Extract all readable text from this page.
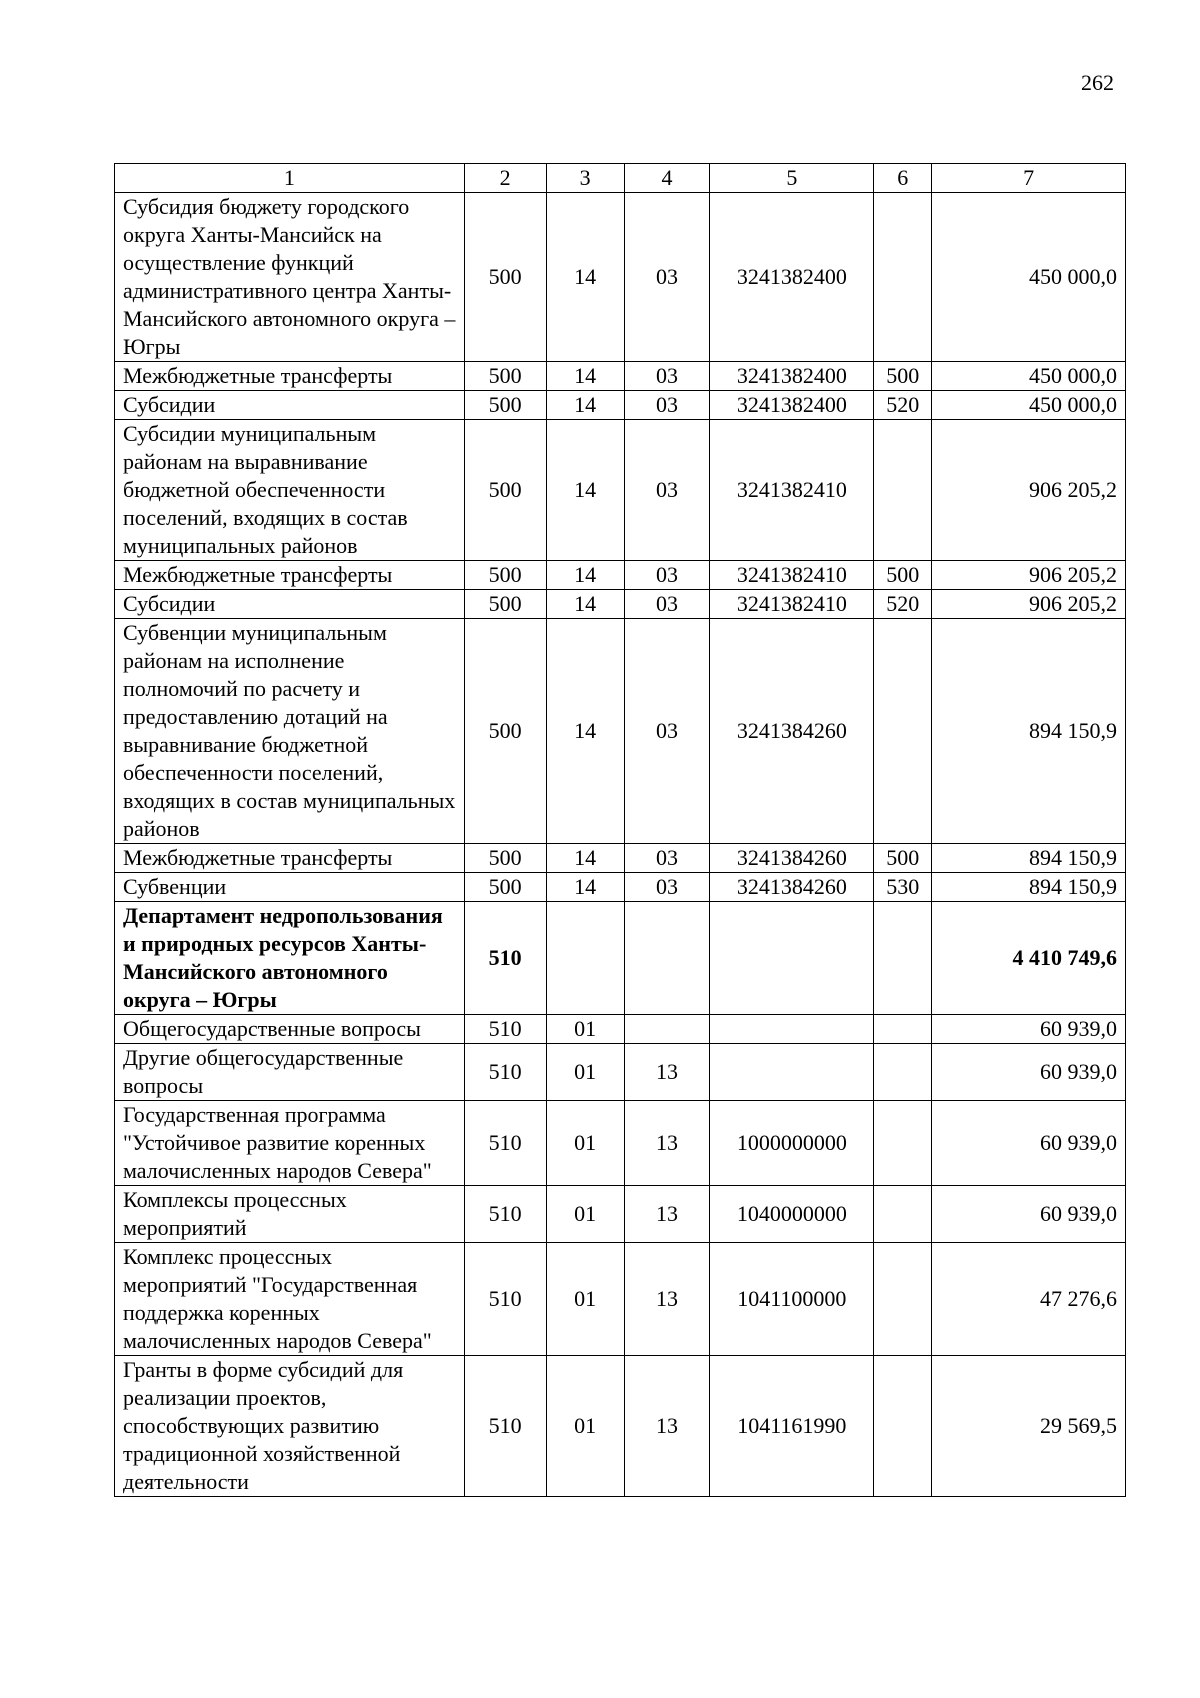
262
1	2	3	4	5	6	7
Субсидия бюджету городского округа Ханты-Мансийск на осуществление функций административного центра Ханты-Мансийского автономного округа – Югры	500	14	03	3241382400		450 000,0
Межбюджетные трансферты	500	14	03	3241382400	500	450 000,0
Субсидии	500	14	03	3241382400	520	450 000,0
Субсидии муниципальным районам на выравнивание бюджетной обеспеченности поселений, входящих в состав муниципальных районов	500	14	03	3241382410		906 205,2
Межбюджетные трансферты	500	14	03	3241382410	500	906 205,2
Субсидии	500	14	03	3241382410	520	906 205,2
Субвенции муниципальным районам на исполнение полномочий по расчету и предоставлению дотаций на выравнивание бюджетной обеспеченности поселений, входящих в состав муниципальных районов	500	14	03	3241384260		894 150,9
Межбюджетные трансферты	500	14	03	3241384260	500	894 150,9
Субвенции	500	14	03	3241384260	530	894 150,9
Департамент недропользования и природных ресурсов Ханты-Мансийского автономного округа – Югры	510					4 410 749,6
Общегосударственные вопросы	510	01				60 939,0
Другие общегосударственные вопросы	510	01	13			60 939,0
Государственная программа "Устойчивое развитие коренных малочисленных народов Севера"	510	01	13	1000000000		60 939,0
Комплексы процессных мероприятий	510	01	13	1040000000		60 939,0
Комплекс процессных мероприятий "Государственная поддержка коренных малочисленных народов Севера"	510	01	13	1041100000		47 276,6
Гранты в форме субсидий для реализации проектов, способствующих развитию традиционной хозяйственной деятельности	510	01	13	1041161990		29 569,5
